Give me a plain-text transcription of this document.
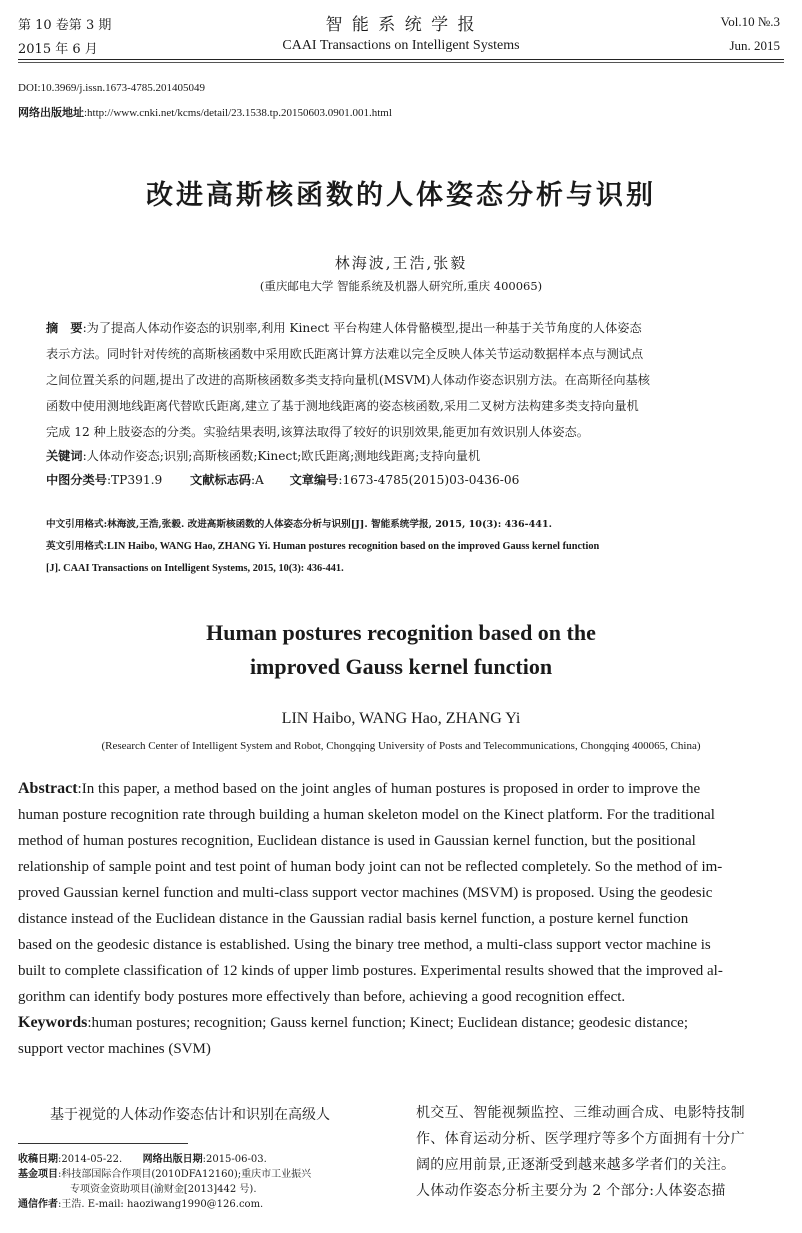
第 10 卷第 3 期
2015 年 6 月
智 能 系 统 学 报
CAAI Transactions on Intelligent Systems
Vol.10 №.3
Jun. 2015
DOI:10.3969/j.issn.1673-4785.201405049
网络出版地址:http://www.cnki.net/kcms/detail/23.1538.tp.20150603.0901.001.html
改进高斯核函数的人体姿态分析与识别
林海波,王浩,张毅
(重庆邮电大学 智能系统及机器人研究所,重庆 400065)
摘　要:为了提高人体动作姿态的识别率,利用 Kinect 平台构建人体骨骼模型,提出一种基于关节角度的人体姿态
表示方法。同时针对传统的高斯核函数中采用欧氏距离计算方法难以完全反映人体关节运动数据样本点与测试点
之间位置关系的问题,提出了改进的高斯核函数多类支持向量机(MSVM)人体动作姿态识别方法。在高斯径向基核
函数中使用测地线距离代替欧氏距离,建立了基于测地线距离的姿态核函数,采用二叉树方法构建多类支持向量机
完成 12 种上肢姿态的分类。实验结果表明,该算法取得了较好的识别效果,能更加有效识别人体姿态。
关键词:人体动作姿态;识别;高斯核函数;Kinect;欧氏距离;测地线距离;支持向量机
中图分类号:TP391.9 文献标志码:A 文章编号:1673-4785(2015)03-0436-06
中文引用格式:林海波,王浩,张毅. 改进高斯核函数的人体姿态分析与识别[J]. 智能系统学报, 2015, 10(3): 436-441.
英文引用格式:LIN Haibo, WANG Hao, ZHANG Yi. Human postures recognition based on the improved Gauss kernel function
[J]. CAAI Transactions on Intelligent Systems, 2015, 10(3): 436-441.
Human postures recognition based on the
improved Gauss kernel function
LIN Haibo, WANG Hao, ZHANG Yi
(Research Center of Intelligent System and Robot, Chongqing University of Posts and Telecommunications, Chongqing 400065, China)
Abstract:In this paper, a method based on the joint angles of human postures is proposed in order to improve the
human posture recognition rate through building a human skeleton model on the Kinect platform. For the traditional
method of human postures recognition, Euclidean distance is used in Gaussian kernel function, but the positional
relationship of sample point and test point of human body joint can not be reflected completely. So the method of im-
proved Gaussian kernel function and multi-class support vector machines (MSVM) is proposed. Using the geodesic
distance instead of the Euclidean distance in the Gaussian radial basis kernel function, a posture kernel function
based on the geodesic distance is established. Using the binary tree method, a multi-class support vector machine is
built to complete classification of 12 kinds of upper limb postures. Experimental results showed that the improved al-
gorithm can identify body postures more effectively than before, achieving a good recognition effect.
Keywords:human postures; recognition; Gauss kernel function; Kinect; Euclidean distance; geodesic distance;
support vector machines (SVM)
基于视觉的人体动作姿态估计和识别在高级人
收稿日期:2014-05-22. 网络出版日期:2015-06-03.
基金项目:科技部国际合作项目(2010DFA12160);重庆市工业振兴
专项资金资助项目(渝财金[2013]442 号).
通信作者:王浩. E-mail: haoziwang1990@126.com.
机交互、智能视频监控、三维动画合成、电影特技制
作、体育运动分析、医学理疗等多个方面拥有十分广
阔的应用前景,正逐渐受到越来越多学者们的关注。
人体动作姿态分析主要分为 2 个部分:人体姿态描
